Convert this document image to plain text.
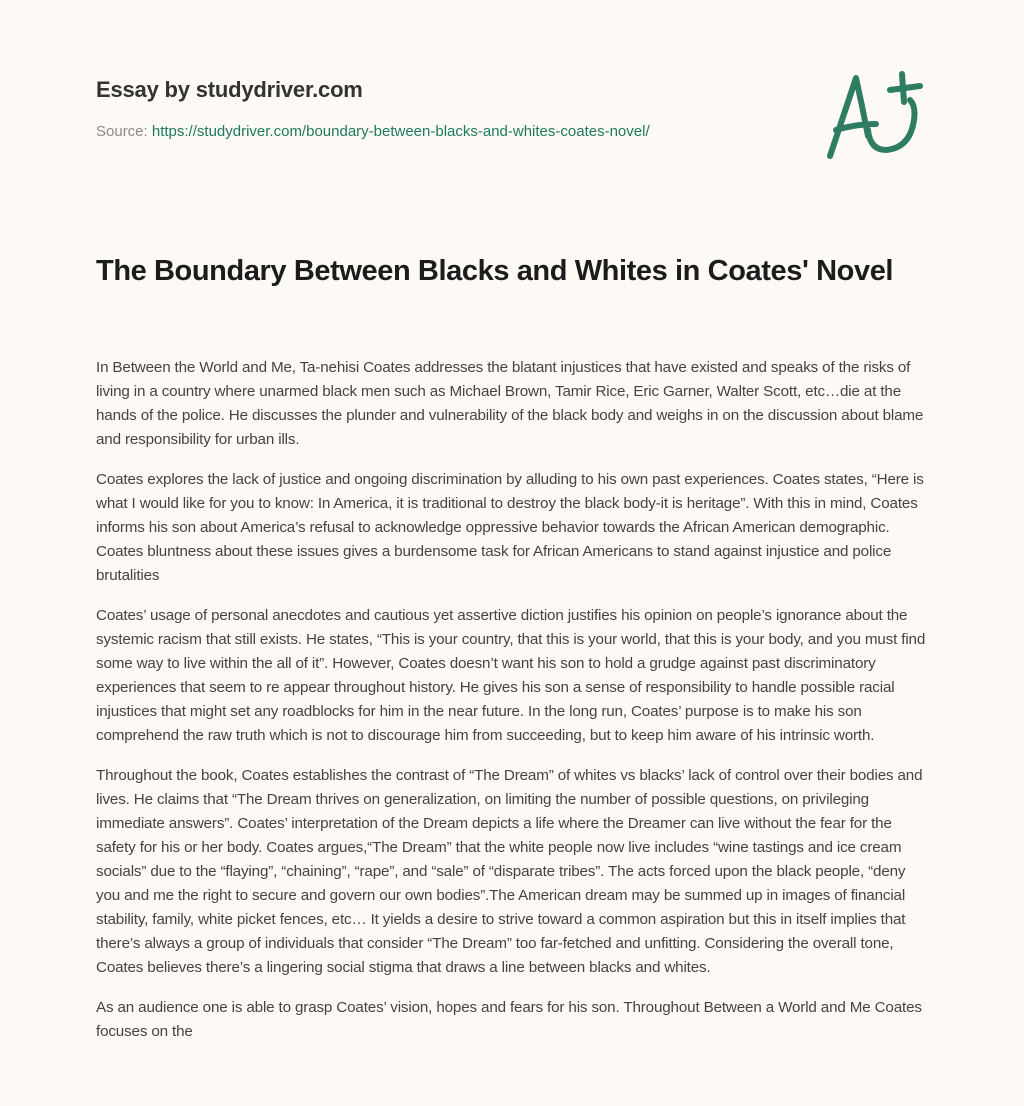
Essay by studydriver.com
Source: https://studydriver.com/boundary-between-blacks-and-whites-coates-novel/
The Boundary Between Blacks and Whites in Coates' Novel

In Between the World and Me, Ta-nehisi Coates addresses the blatant injustices that have existed and speaks of the risks of living in a country where unarmed black men such as Michael Brown, Tamir Rice, Eric Garner, Walter Scott, etc…die at the hands of the police. He discusses the plunder and vulnerability of the black body and weighs in on the discussion about blame and responsibility for urban ills.

Coates explores the lack of justice and ongoing discrimination by alluding to his own past experiences. Coates states, “Here is what I would like for you to know: In America, it is traditional to destroy the black body-it is heritage”. With this in mind, Coates informs his son about America’s refusal to acknowledge oppressive behavior towards the African American demographic. Coates bluntness about these issues gives a burdensome task for African Americans to stand against injustice and police brutalities

Coates’ usage of personal anecdotes and cautious yet assertive diction justifies his opinion on people’s ignorance about the systemic racism that still exists. He states, “This is your country, that this is your world, that this is your body, and you must find some way to live within the all of it”. However, Coates doesn’t want his son to hold a grudge against past discriminatory experiences that seem to re appear throughout history. He gives his son a sense of responsibility to handle possible racial injustices that might set any roadblocks for him in the near future. In the long run, Coates’ purpose is to make his son comprehend the raw truth which is not to discourage him from succeeding, but to keep him aware of his intrinsic worth.

Throughout the book, Coates establishes the contrast of “The Dream” of whites vs blacks’ lack of control over their bodies and lives. He claims that “The Dream thrives on generalization, on limiting the number of possible questions, on privileging immediate answers”. Coates’ interpretation of the Dream depicts a life where the Dreamer can live without the fear for the safety for his or her body. Coates argues,“The Dream” that the white people now live includes “wine tastings and ice cream socials” due to the “flaying”, “chaining”, “rape”, and “sale” of “disparate tribes”. The acts forced upon the black people, “deny you and me the right to secure and govern our own bodies”.The American dream may be summed up in images of financial stability, family, white picket fences, etc… It yields a desire to strive toward a common aspiration but this in itself implies that there’s always a group of individuals that consider “The Dream” too far-fetched and unfitting. Considering the overall tone, Coates believes there’s a lingering social stigma that draws a line between blacks and whites.

As an audience one is able to grasp Coates’ vision, hopes and fears for his son. Throughout Between a World and Me Coates focuses on the
